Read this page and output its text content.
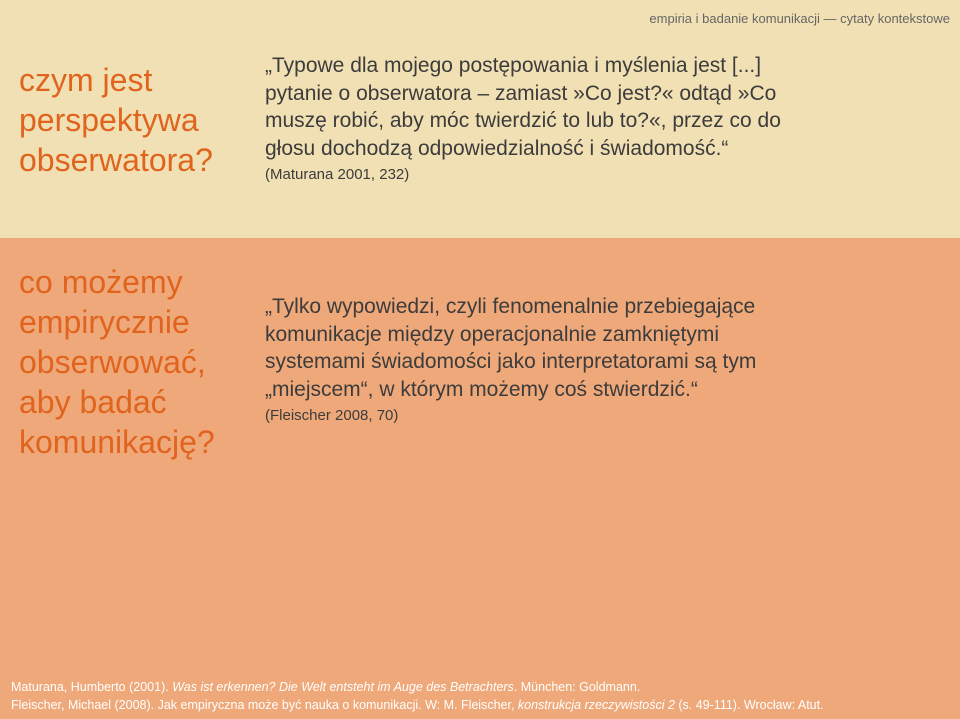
empiria i badanie komunikacji — cytaty kontekstowe
czym jest
perspektywa
obserwatora?
„Typowe dla mojego postępowania i myślenia jest [...]
pytanie o obserwatora – zamiast »Co jest?« odtąd »Co
muszę robić, aby móc twierdzić to lub to?«, przez co do
głosu dochodzą odpowiedzialność i świadomość.“
(Maturana 2001, 232)
co możemy
empirycznie
obserwować,
aby badać
komunikację?
„Tylko wypowiedzi, czyli fenomenalnie przebiegające
komunikacje między operacjonalnie zamkniętymi
systemami świadomości jako interpretatorami są tym
„miejscem“, w którym możemy coś stwierdzić.“
(Fleischer 2008, 70)
Maturana, Humberto (2001). Was ist erkennen? Die Welt entsteht im Auge des Betrachters. München: Goldmann.
Fleischer, Michael (2008). Jak empiryczna może być nauka o komunikacji. W: M. Fleischer, konstrukcja rzeczywistości 2 (s. 49-111). Wrocław: Atut.
